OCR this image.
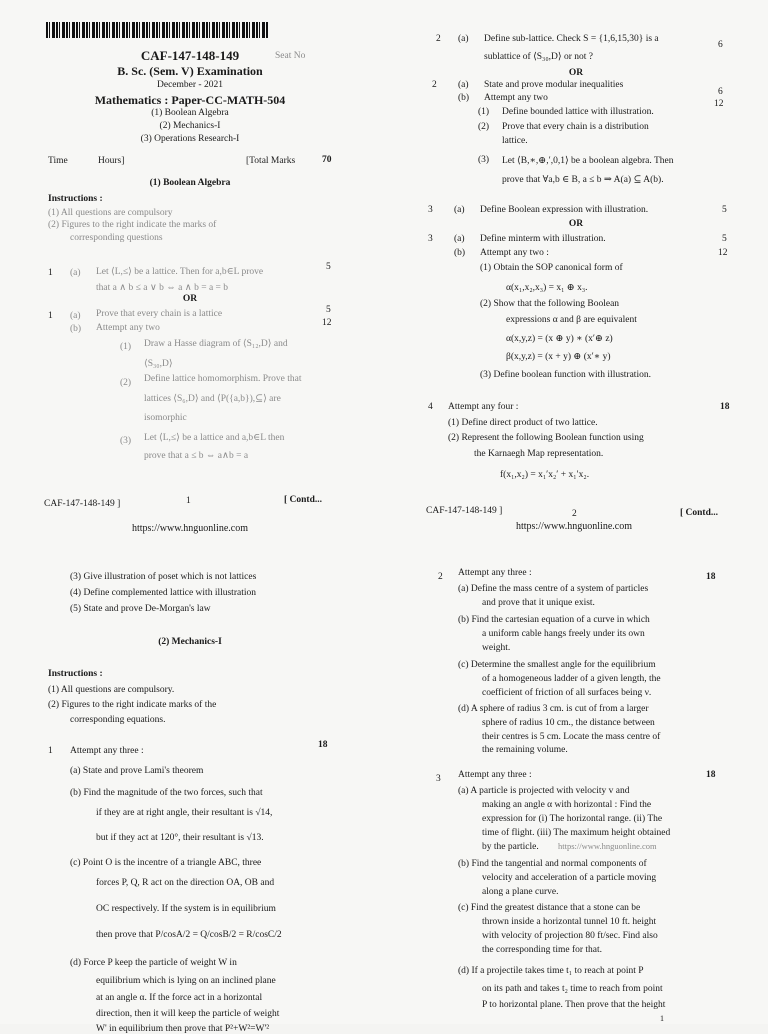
CAF-147-148-149	Seat No
B. Sc. (Sem. V) Examination
December - 2021
Mathematics : Paper-CC-MATH-504
(1) Boolean Algebra
(2) Mechanics-I
(3) Operations Research-I
Time	Hours]	[Total Marks	70
(1) Boolean Algebra
Instructions :
(1) All questions are compulsory
(2) Figures to the right indicate the marks of
corresponding questions
1 (a) Let ⟨L,≤⟩ be a lattice. Then for a,b∈L prove	5
that a ∧ b ≤ a ∨ b ⇔ a ∧ b = a = b
OR
1 (a) Prove that every chain is a lattice	5
(b) Attempt any two	12
(1) Draw a Hasse diagram of ⟨S₁₂,D⟩ and
⟨S₃₀,D⟩
(2) Define lattice homomorphism. Prove that
lattices ⟨S₆,D⟩ and ⟨P({a,b}),⊆⟩ are
isomorphic
(3) Let ⟨L,≤⟩ be a lattice and a,b∈L then
prove that a ≤ b ⇔ a∧b = a
CAF-147-148-149 ]	1	[ Contd...
https://www.hnguonline.com
2 (a) Define sub-lattice. Check S = {1,6,15,30} is a
sublattice of ⟨S₃₀,D⟩ or not ?
6
OR
2 (a) State and prove modular inequalities
6
(b) Attempt any two
12
(1) Define bounded lattice with illustration.
(2) Prove that every chain is a distribution
lattice.
(3) Let ⟨B,∗,⊕,′,0,1⟩ be a boolean algebra. Then
prove that ∀a,b ∈ B, a ≤ b ⇒ A(a) ⊆ A(b).
3 (a) Define Boolean expression with illustration.	5
OR
3 (a) Define minterm with illustration.	5
(b) Attempt any two :	12
(1) Obtain the SOP canonical form of
α(x₁,x₂,x₃) = x₁ ⊕ x₃.
(2) Show that the following Boolean
expressions α and β are equivalent
α(x,y,z) = (x ⊕ y) ∗ (x′⊕ z)
β(x,y,z) = (x + y) ⊕ (x′∗ y)
(3) Define boolean function with illustration.
4 Attempt any four :	18
(1) Define direct product of two lattice.
(2) Represent the following Boolean function using
the Karnaegh Map representation.
f(x₁,x₂) = x₁′x₂′ + x₁′x₂.
CAF-147-148-149 ]	2	[ Contd...
https://www.hnguonline.com
(3) Give illustration of poset which is not lattices
(4) Define complemented lattice with illustration
(5) State and prove De-Morgan's law
(2) Mechanics-I
Instructions :
(1) All questions are compulsory.
(2) Figures to the right indicate marks of the
corresponding equations.
1 Attempt any three :
18
(a) State and prove Lami's theorem
(b) Find the magnitude of the two forces, such that
if they are at right angle, their resultant is √14,
but if they act at 120°, their resultant is √13.
(c) Point O is the incentre of a triangle ABC, three
forces P, Q, R act on the direction OA, OB and
OC respectively. If the system is in equilibrium
then prove that P/cosA/2 = Q/cosB/2 = R/cosC/2
(d) Force P keep the particle of weight W in
equilibrium which is lying on an inclined plane
at an angle α. If the force act in a horizontal
direction, then it will keep the particle of weight
W' in equilibrium then prove that P²+W²=W'²
2 Attempt any three :	18
(a) Define the mass centre of a system of particles
and prove that it unique exist.
(b) Find the cartesian equation of a curve in which
a uniform cable hangs freely under its own
weight.
(c) Determine the smallest angle for the equilibrium
of a homogeneous ladder of a given length, the
coefficient of friction of all surfaces being ν.
(d) A sphere of radius 3 cm. is cut of from a larger
sphere of radius 10 cm., the distance between
their centres is 5 cm. Locate the mass centre of
the remaining volume.
3 Attempt any three :	18
(a) A particle is projected with velocity v and
making an angle α with horizontal : Find the
expression for (i) The horizontal range. (ii) The
time of flight. (iii) The maximum height obtained
by the particle. https://www.hnguonline.com
(b) Find the tangential and normal components of
velocity and acceleration of a particle moving
along a plane curve.
(c) Find the greatest distance that a stone can be
thrown inside a horizontal tunnel 10 ft. height
with velocity of projection 80 ft/sec. Find also
the corresponding time for that.
(d) If a projectile takes time t₁ to reach at point P
on its path and takes t₂ time to reach from point
P to horizontal plane. Then prove that the height
1
